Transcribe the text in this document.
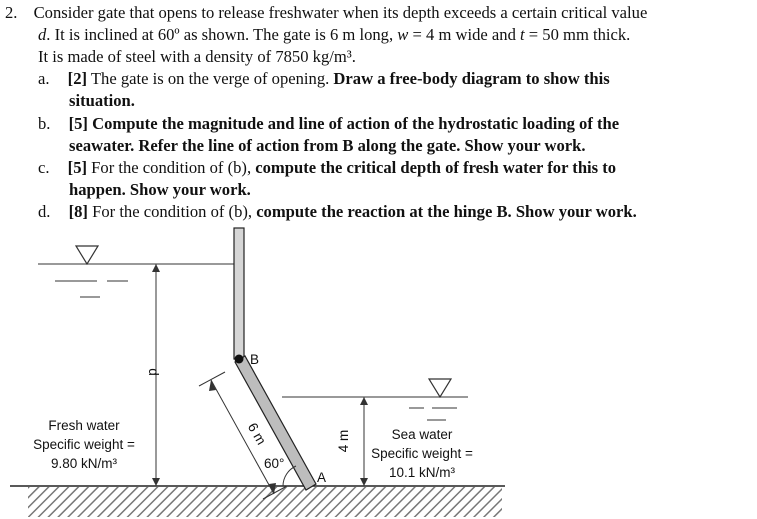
2. Consider gate that opens to release freshwater when its depth exceeds a certain critical value
d. It is inclined at 60º as shown. The gate is 6 m long, w = 4 m wide and t = 50 mm thick.
It is made of steel with a density of 7850 kg/m³.
a. [2] The gate is on the verge of opening. Draw a free-body diagram to show this
situation.
b. [5] Compute the magnitude and line of action of the hydrostatic loading of the
seawater. Refer the line of action from B along the gate. Show your work.
c. [5] For the condition of (b), compute the critical depth of fresh water for this to
happen. Show your work.
d. [8] For the condition of (b), compute the reaction at the hinge B. Show your work.
B
A
d
6 m
60°
4 m
Fresh water
Specific weight =
9.80 kN/m³
Sea water
Specific weight =
10.1 kN/m³
